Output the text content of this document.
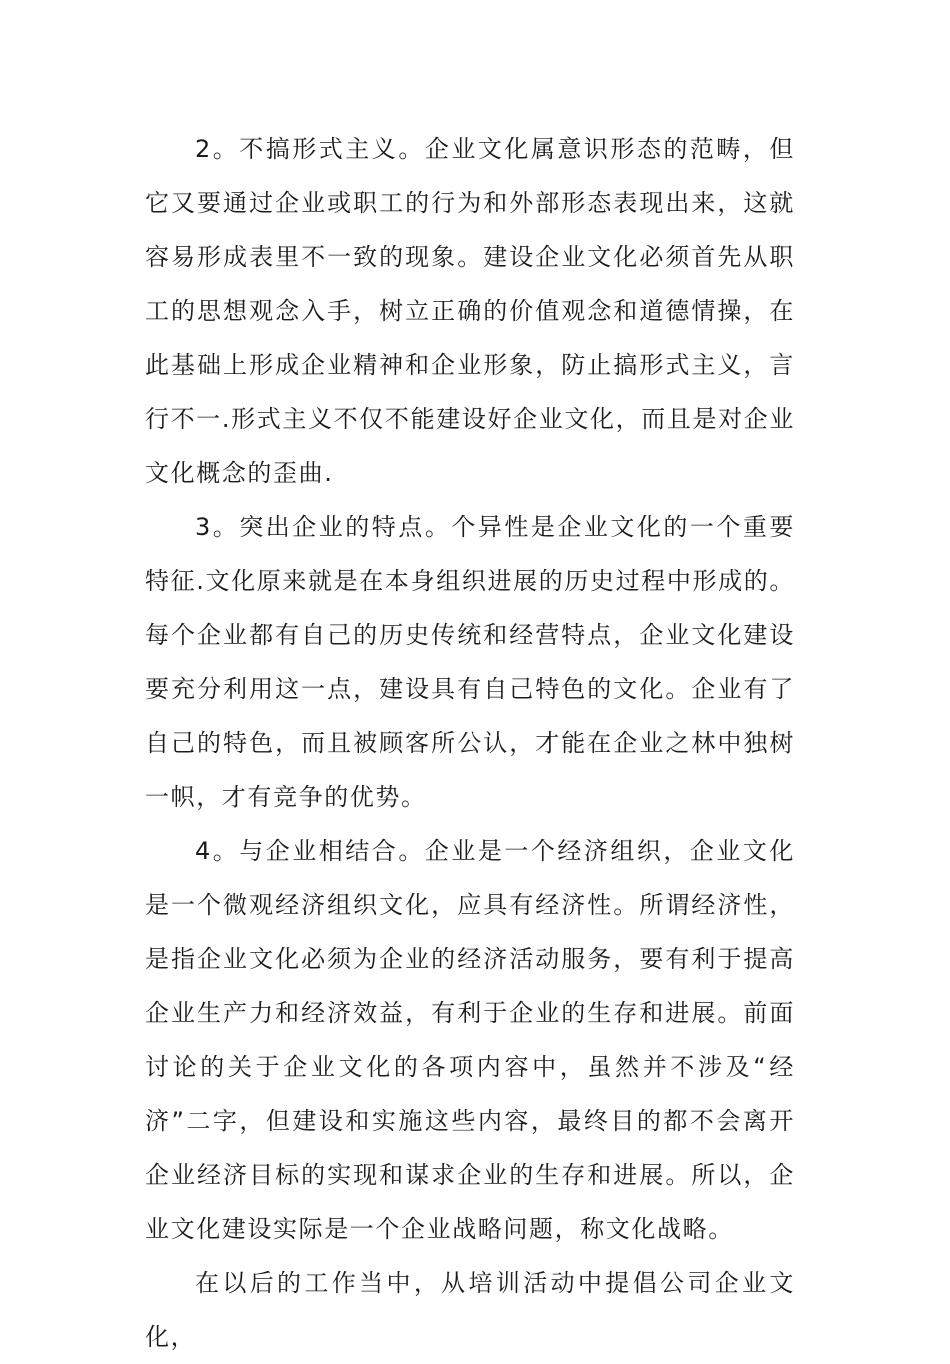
2。不搞形式主义。企业文化属意识形态的范畴，但它又要通过企业或职工的行为和外部形态表现出来，这就容易形成表里不一致的现象。建设企业文化必须首先从职工的思想观念入手，树立正确的价值观念和道德情操，在此基础上形成企业精神和企业形象，防止搞形式主义，言行不一.形式主义不仅不能建设好企业文化，而且是对企业文化概念的歪曲.

3。突出企业的特点。个异性是企业文化的一个重要特征.文化原来就是在本身组织进展的历史过程中形成的。每个企业都有自己的历史传统和经营特点，企业文化建设要充分利用这一点，建设具有自己特色的文化。企业有了自己的特色，而且被顾客所公认，才能在企业之林中独树一帜，才有竞争的优势。

4。与企业相结合。企业是一个经济组织，企业文化是一个微观经济组织文化，应具有经济性。所谓经济性，是指企业文化必须为企业的经济活动服务，要有利于提高企业生产力和经济效益，有利于企业的生存和进展。前面讨论的关于企业文化的各项内容中，虽然并不涉及“经济”二字，但建设和实施这些内容，最终目的都不会离开企业经济目标的实现和谋求企业的生存和进展。所以，企业文化建设实际是一个企业战略问题，称文化战略。

在以后的工作当中，从培训活动中提倡公司企业文化，
